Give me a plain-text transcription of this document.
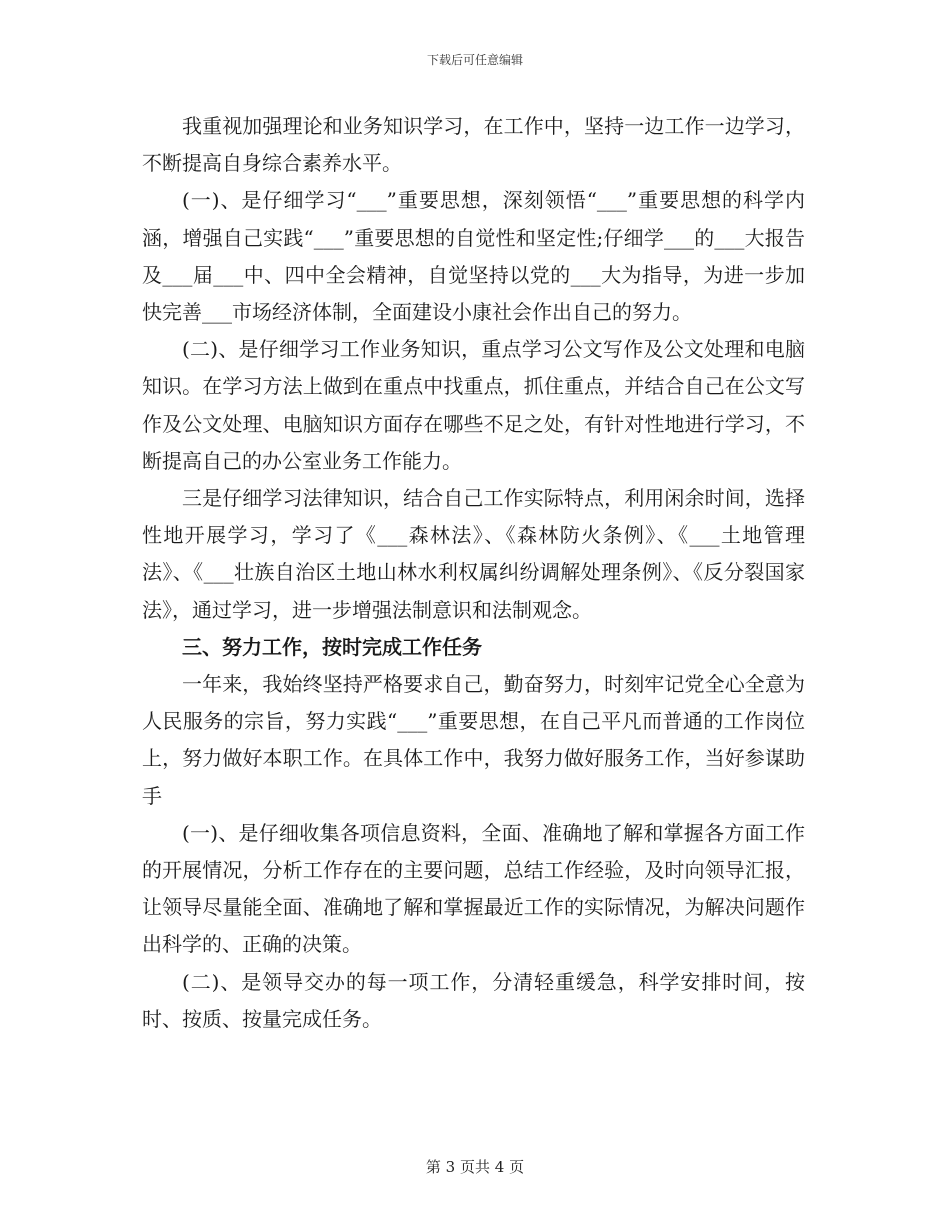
下载后可任意编辑

我重视加强理论和业务知识学习，在工作中，坚持一边工作一边学习，不断提高自身综合素养水平。

(一)、是仔细学习“___”重要思想，深刻领悟“___”重要思想的科学内涵，增强自己实践“___”重要思想的自觉性和坚定性;仔细学___的___大报告及___届___中、四中全会精神，自觉坚持以党的___大为指导，为进一步加快完善___市场经济体制，全面建设小康社会作出自己的努力。

(二)、是仔细学习工作业务知识，重点学习公文写作及公文处理和电脑知识。在学习方法上做到在重点中找重点，抓住重点，并结合自己在公文写作及公文处理、电脑知识方面存在哪些不足之处，有针对性地进行学习，不断提高自己的办公室业务工作能力。

三是仔细学习法律知识，结合自己工作实际特点，利用闲余时间，选择性地开展学习，学习了《___森林法》、《森林防火条例》、《___土地管理法》、《___壮族自治区土地山林水利权属纠纷调解处理条例》、《反分裂国家法》，通过学习，进一步增强法制意识和法制观念。

三、努力工作，按时完成工作任务

一年来，我始终坚持严格要求自己，勤奋努力，时刻牢记党全心全意为人民服务的宗旨，努力实践“___”重要思想，在自己平凡而普通的工作岗位上，努力做好本职工作。在具体工作中，我努力做好服务工作，当好参谋助手

(一)、是仔细收集各项信息资料，全面、准确地了解和掌握各方面工作的开展情况，分析工作存在的主要问题，总结工作经验，及时向领导汇报，让领导尽量能全面、准确地了解和掌握最近工作的实际情况，为解决问题作出科学的、正确的决策。

(二)、是领导交办的每一项工作，分清轻重缓急，科学安排时间，按时、按质、按量完成任务。

第 3 页共 4 页
